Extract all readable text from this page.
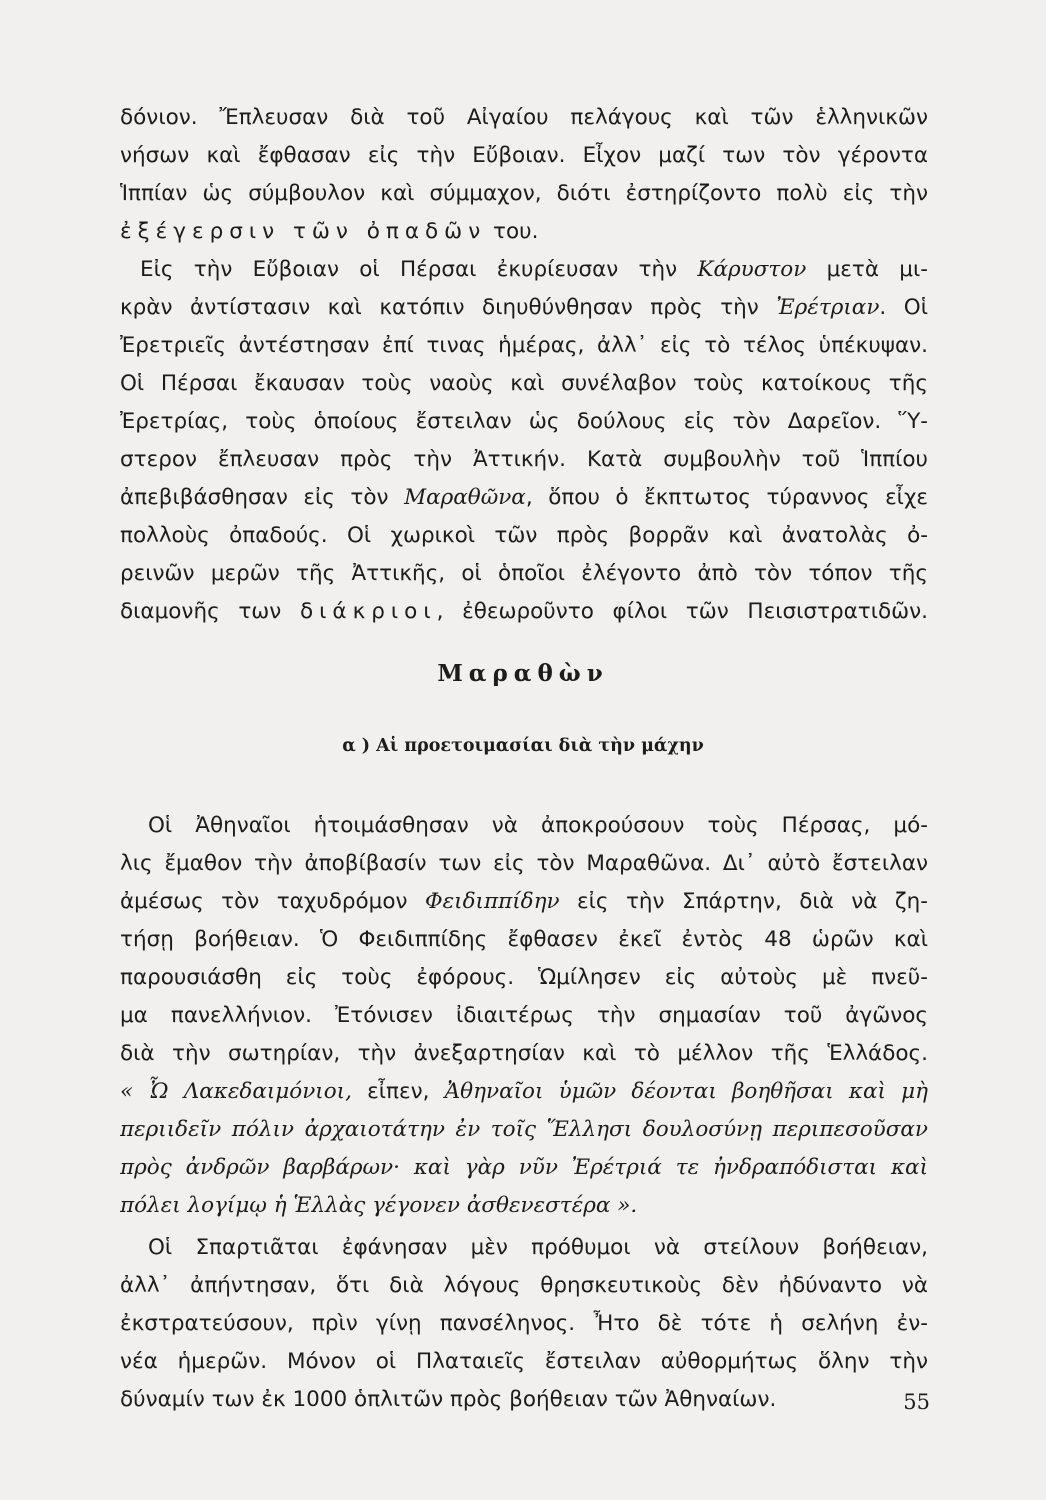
δόνιον. Ἔπλευσαν διὰ τοῦ Αἰγαίου πελάγους καὶ τῶν ἑλληνικῶν
νήσων καὶ ἔφθασαν εἰς τὴν Εὔβοιαν. Εἶχον μαζί των τὸν γέροντα
Ἱππίαν ὡς σύμβουλον καὶ σύμμαχον, διότι ἐστηρίζοντο πολὺ εἰς τὴν
ἐξέγερσιν τῶν ὀπαδῶν του.
Εἰς τὴν Εὔβοιαν οἱ Πέρσαι ἐκυρίευσαν τὴν Κάρυστον μετὰ μι-
κρὰν ἀντίστασιν καὶ κατόπιν διηυθύνθησαν πρὸς τὴν Ἐρέτριαν. Οἱ
Ἐρετριεῖς ἀντέστησαν ἐπί τινας ἡμέρας, ἀλλ᾽ εἰς τὸ τέλος ὑπέκυψαν.
Οἱ Πέρσαι ἔκαυσαν τοὺς ναοὺς καὶ συνέλαβον τοὺς κατοίκους τῆς
Ἐρετρίας, τοὺς ὁποίους ἔστειλαν ὡς δούλους εἰς τὸν Δαρεῖον. Ὕ-
στερον ἔπλευσαν πρὸς τὴν Ἀττικήν. Κατὰ συμβουλὴν τοῦ Ἱππίου
ἀπεβιβάσθησαν εἰς τὸν Μαραθῶνα, ὅπου ὁ ἔκπτωτος τύραννος εἶχε
πολλοὺς ὀπαδούς. Οἱ χωρικοὶ τῶν πρὸς βορρᾶν καὶ ἀνατολὰς ὀ-
ρεινῶν μερῶν τῆς Ἀττικῆς, οἱ ὁποῖοι ἐλέγοντο ἀπὸ τὸν τόπον τῆς
διαμονῆς των διάκριοι, ἐθεωροῦντο φίλοι τῶν Πεισιστρατιδῶν.
Μαραθὼν
α ) Αἱ προετοιμασίαι διὰ τὴν μάχην
Οἱ Ἀθηναῖοι ἡτοιμάσθησαν νὰ ἀποκρούσουν τοὺς Πέρσας, μό-
λις ἔμαθον τὴν ἀποβίβασίν των εἰς τὸν Μαραθῶνα. Δι᾽ αὐτὸ ἔστειλαν
ἀμέσως τὸν ταχυδρόμον Φειδιππίδην εἰς τὴν Σπάρτην, διὰ νὰ ζη-
τήσῃ βοήθειαν. Ὁ Φειδιππίδης ἔφθασεν ἐκεῖ ἐντὸς 48 ὡρῶν καὶ
παρουσιάσθη εἰς τοὺς ἐφόρους. Ὡμίλησεν εἰς αὐτοὺς μὲ πνεῦ-
μα πανελλήνιον. Ἐτόνισεν ἰδιαιτέρως τὴν σημασίαν τοῦ ἀγῶνος
διὰ τὴν σωτηρίαν, τὴν ἀνεξαρτησίαν καὶ τὸ μέλλον τῆς Ἑλλάδος.
« Ὦ Λακεδαιμόνιοι, εἶπεν, Ἀθηναῖοι ὑμῶν δέονται βοηθῆσαι καὶ μὴ
περιιδεῖν πόλιν ἀρχαιοτάτην ἐν τοῖς Ἕλλησι δουλοσύνῃ περιπεσοῦσαν
πρὸς ἀνδρῶν βαρβάρων· καὶ γὰρ νῦν Ἐρέτριά τε ἠνδραπόδισται καὶ
πόλει λογίμῳ ἡ Ἑλλὰς γέγονεν ἀσθενεστέρα ».
Οἱ Σπαρτιᾶται ἐφάνησαν μὲν πρόθυμοι νὰ στείλουν βοήθειαν,
ἀλλ᾽ ἀπήντησαν, ὅτι διὰ λόγους θρησκευτικοὺς δὲν ἠδύναντο νὰ
ἐκστρατεύσουν, πρὶν γίνῃ πανσέληνος. Ἦτο δὲ τότε ἡ σελήνη ἐν-
νέα ἡμερῶν. Μόνον οἱ Πλαταιεῖς ἔστειλαν αὐθορμήτως ὅλην τὴν
δύναμίν των ἐκ 1000 ὁπλιτῶν πρὸς βοήθειαν τῶν Ἀθηναίων.	55
